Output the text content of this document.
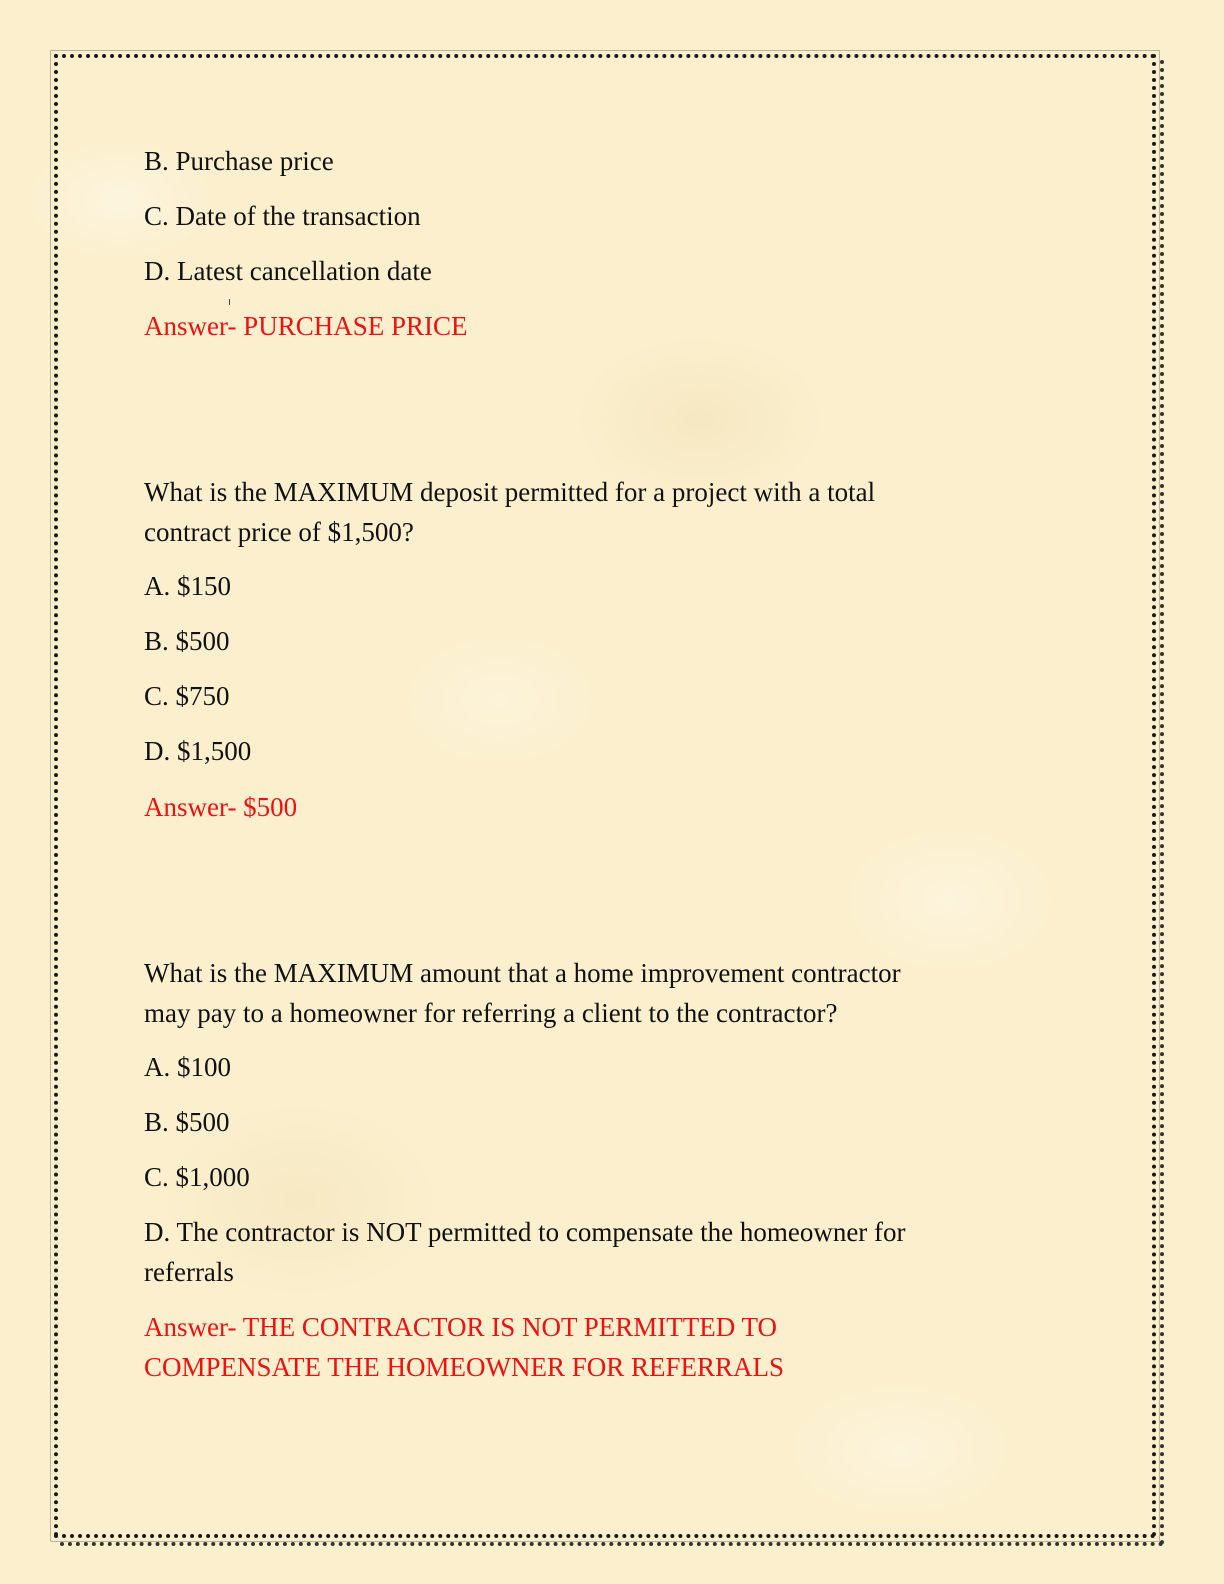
B. Purchase price

C. Date of the transaction

D. Latest cancellation date

Answer- PURCHASE PRICE

What is the MAXIMUM deposit permitted for a project with a total

contract price of $1,500?

A. $150

B. $500

C. $750

D. $1,500

Answer- $500

What is the MAXIMUM amount that a home improvement contractor

may pay to a homeowner for referring a client to the contractor?

A. $100

B. $500

C. $1,000

D. The contractor is NOT permitted to compensate the homeowner for

referrals

Answer- THE CONTRACTOR IS NOT PERMITTED TO

COMPENSATE THE HOMEOWNER FOR REFERRALS
